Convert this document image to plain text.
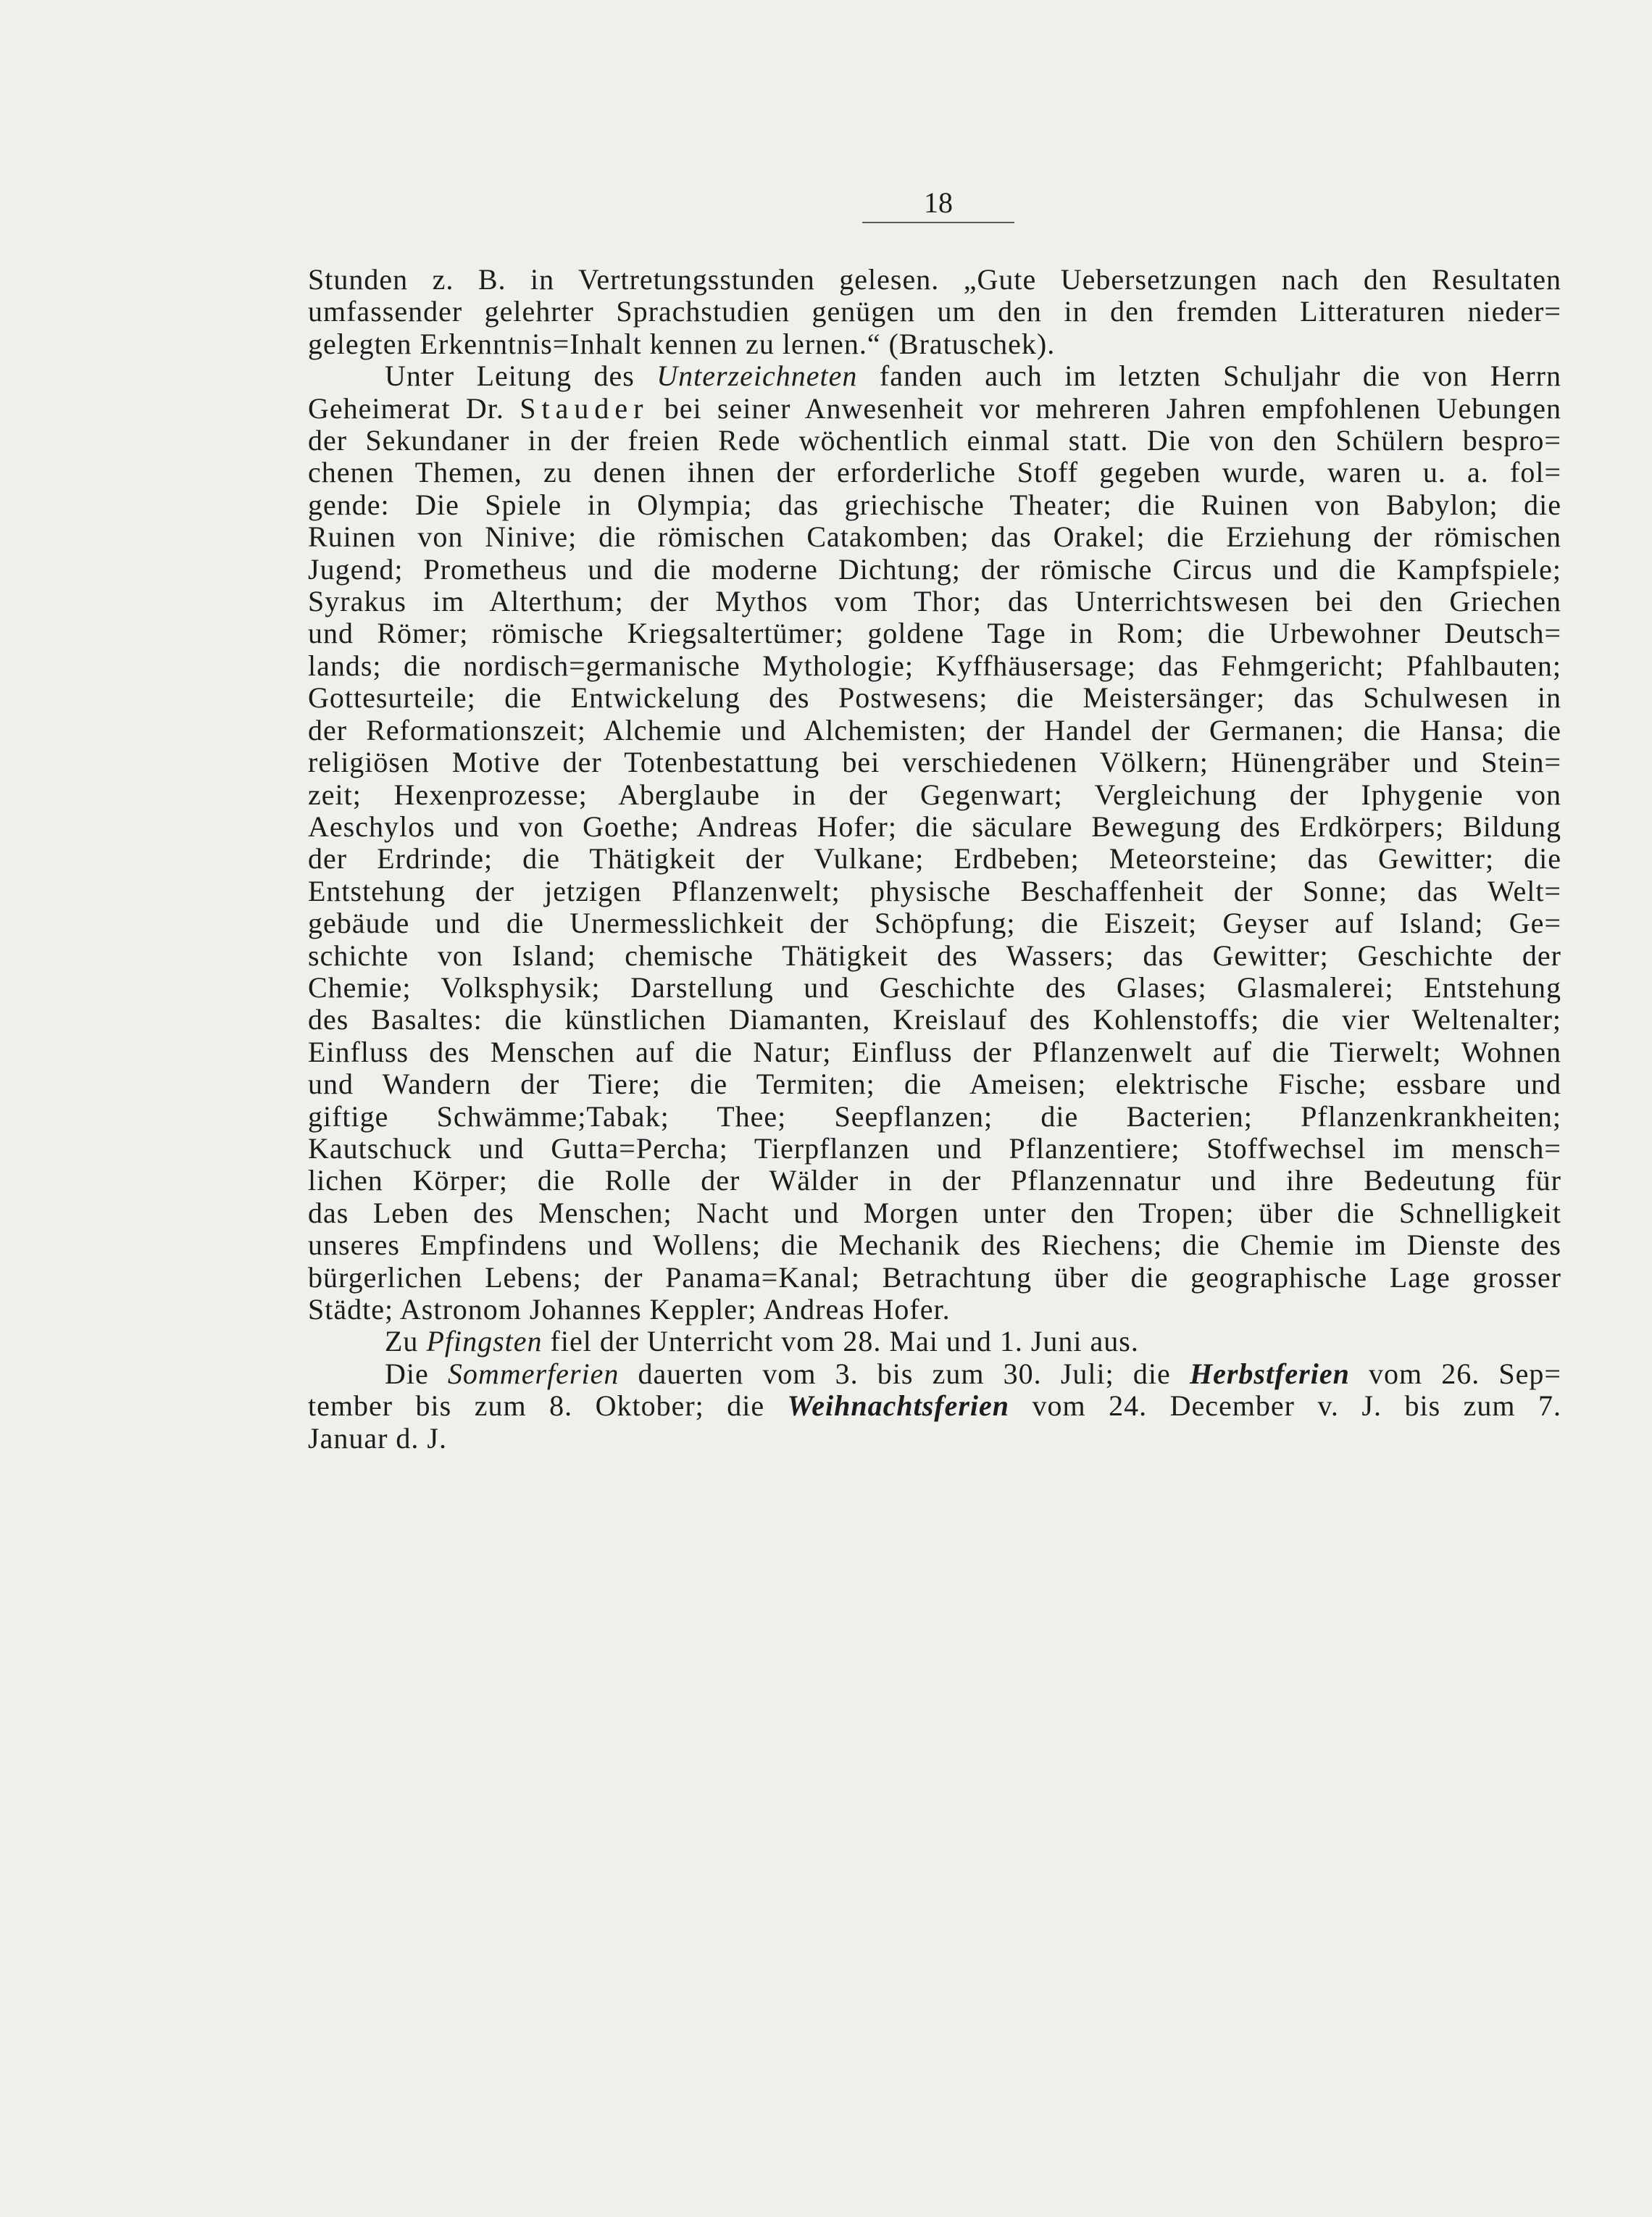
18
Stunden z. B. in Vertretungsstunden gelesen. „Gute Uebersetzungen nach den Resultaten
umfassender gelehrter Sprachstudien genügen um den in den fremden Litteraturen nieder=
gelegten Erkenntnis=Inhalt kennen zu lernen.“ (Bratuschek).
Unter Leitung des Unterzeichneten fanden auch im letzten Schuljahr die von Herrn
Geheimerat Dr. Stauder bei seiner Anwesenheit vor mehreren Jahren empfohlenen Uebungen
der Sekundaner in der freien Rede wöchentlich einmal statt. Die von den Schülern bespro=
chenen Themen, zu denen ihnen der erforderliche Stoff gegeben wurde, waren u. a. fol=
gende: Die Spiele in Olympia; das griechische Theater; die Ruinen von Babylon; die
Ruinen von Ninive; die römischen Catakomben; das Orakel; die Erziehung der römischen
Jugend; Prometheus und die moderne Dichtung; der römische Circus und die Kampfspiele;
Syrakus im Alterthum; der Mythos vom Thor; das Unterrichtswesen bei den Griechen
und Römer; römische Kriegsaltertümer; goldene Tage in Rom; die Urbewohner Deutsch=
lands; die nordisch=germanische Mythologie; Kyffhäusersage; das Fehmgericht; Pfahlbauten;
Gottesurteile; die Entwickelung des Postwesens; die Meistersänger; das Schulwesen in
der Reformationszeit; Alchemie und Alchemisten; der Handel der Germanen; die Hansa; die
religiösen Motive der Totenbestattung bei verschiedenen Völkern; Hünengräber und Stein=
zeit; Hexenprozesse; Aberglaube in der Gegenwart; Vergleichung der Iphygenie von
Aeschylos und von Goethe; Andreas Hofer; die säculare Bewegung des Erdkörpers; Bildung
der Erdrinde; die Thätigkeit der Vulkane; Erdbeben; Meteorsteine; das Gewitter; die
Entstehung der jetzigen Pflanzenwelt; physische Beschaffenheit der Sonne; das Welt=
gebäude und die Unermesslichkeit der Schöpfung; die Eiszeit; Geyser auf Island; Ge=
schichte von Island; chemische Thätigkeit des Wassers; das Gewitter; Geschichte der
Chemie; Volksphysik; Darstellung und Geschichte des Glases; Glasmalerei; Entstehung
des Basaltes: die künstlichen Diamanten, Kreislauf des Kohlenstoffs; die vier Weltenalter;
Einfluss des Menschen auf die Natur; Einfluss der Pflanzenwelt auf die Tierwelt; Wohnen
und Wandern der Tiere; die Termiten; die Ameisen; elektrische Fische; essbare und
giftige Schwämme;Tabak; Thee; Seepflanzen; die Bacterien; Pflanzenkrankheiten;
Kautschuck und Gutta=Percha; Tierpflanzen und Pflanzentiere; Stoffwechsel im mensch=
lichen Körper; die Rolle der Wälder in der Pflanzennatur und ihre Bedeutung für
das Leben des Menschen; Nacht und Morgen unter den Tropen; über die Schnelligkeit
unseres Empfindens und Wollens; die Mechanik des Riechens; die Chemie im Dienste des
bürgerlichen Lebens; der Panama=Kanal; Betrachtung über die geographische Lage grosser
Städte; Astronom Johannes Keppler; Andreas Hofer.
Zu Pfingsten fiel der Unterricht vom 28. Mai und 1. Juni aus.
Die Sommerferien dauerten vom 3. bis zum 30. Juli; die Herbstferien vom 26. Sep=
tember bis zum 8. Oktober; die Weihnachtsferien vom 24. December v. J. bis zum 7.
Januar d. J.
